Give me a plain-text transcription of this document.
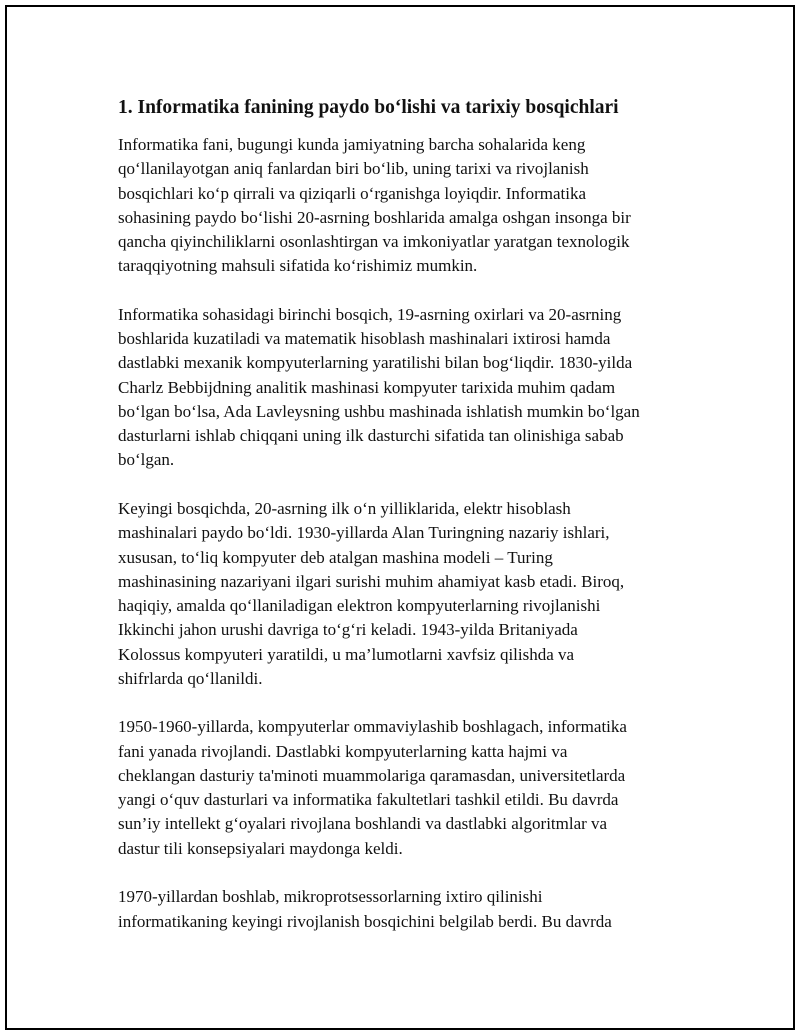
1. Informatika fanining paydo bo‘lishi va tarixiy bosqichlari
Informatika fani, bugungi kunda jamiyatning barcha sohalarida keng
qo‘llanilayotgan aniq fanlardan biri bo‘lib, uning tarixi va rivojlanish
bosqichlari ko‘p qirrali va qiziqarli o‘rganishga loyiqdir. Informatika
sohasining paydo bo‘lishi 20-asrning boshlarida amalga oshgan insonga bir
qancha qiyinchiliklarni osonlashtirgan va imkoniyatlar yaratgan texnologik
taraqqiyotning mahsuli sifatida ko‘rishimiz mumkin.
Informatika sohasidagi birinchi bosqich, 19-asrning oxirlari va 20-asrning
boshlarida kuzatiladi va matematik hisoblash mashinalari ixtirosi hamda
dastlabki mexanik kompyuterlarning yaratilishi bilan bog‘liqdir. 1830-yilda
Charlz Bebbijdning analitik mashinasi kompyuter tarixida muhim qadam
bo‘lgan bo‘lsa, Ada Lavleysning ushbu mashinada ishlatish mumkin bo‘lgan
dasturlarni ishlab chiqqani uning ilk dasturchi sifatida tan olinishiga sabab
bo‘lgan.
Keyingi bosqichda, 20-asrning ilk o‘n yilliklarida, elektr hisoblash
mashinalari paydo bo‘ldi. 1930-yillarda Alan Turingning nazariy ishlari,
xususan, to‘liq kompyuter deb atalgan mashina modeli – Turing
mashinasining nazariyani ilgari surishi muhim ahamiyat kasb etadi. Biroq,
haqiqiy, amalda qo‘llaniladigan elektron kompyuterlarning rivojlanishi
Ikkinchi jahon urushi davriga to‘g‘ri keladi. 1943-yilda Britaniyada
Kolossus kompyuteri yaratildi, u ma’lumotlarni xavfsiz qilishda va
shifrlarda qo‘llanildi.
1950-1960-yillarda, kompyuterlar ommaviylashib boshlagach, informatika
fani yanada rivojlandi. Dastlabki kompyuterlarning katta hajmi va
cheklangan dasturiy ta'minoti muammolariga qaramasdan, universitetlarda
yangi o‘quv dasturlari va informatika fakultetlari tashkil etildi. Bu davrda
sun’iy intellekt g‘oyalari rivojlana boshlandi va dastlabki algoritmlar va
dastur tili konsepsiyalari maydonga keldi.
1970-yillardan boshlab, mikroprotsessorlarning ixtiro qilinishi
informatikaning keyingi rivojlanish bosqichini belgilab berdi. Bu davrda
